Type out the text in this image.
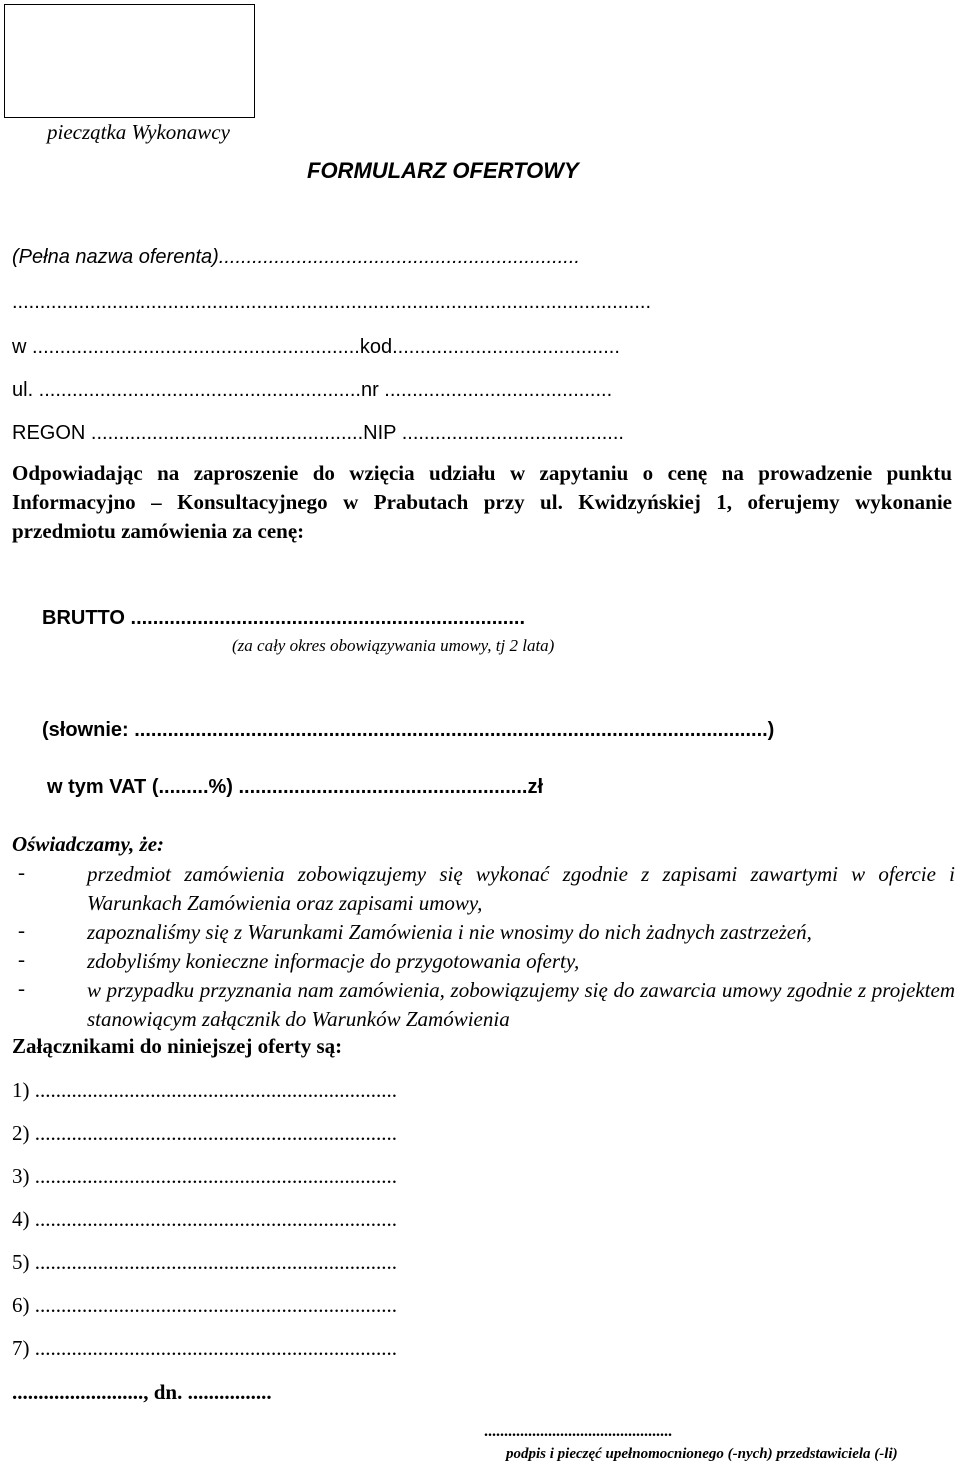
pieczątka Wykonawcy
FORMULARZ OFERTOWY
(Pełna nazwa oferenta).................................................................
...................................................................................................................
w ...........................................................kod.........................................
ul. ..........................................................nr .........................................
REGON .................................................NIP ........................................
Odpowiadając na zaproszenie do wzięcia udziału w zapytaniu o cenę na prowadzenie punktu Informacyjno – Konsultacyjnego w Prabutach przy ul. Kwidzyńskiej 1, oferujemy wykonanie przedmiotu zamówienia za cenę:
BRUTTO .......................................................................
(za cały okres obowiązywania umowy, tj 2 lata)
(słownie: ..................................................................................................................)
w tym VAT (.........%) ....................................................zł
Oświadczamy, że:
-	przedmiot zamówienia zobowiązujemy się wykonać zgodnie z zapisami zawartymi w ofercie i Warunkach Zamówienia oraz zapisami umowy,
-	zapoznaliśmy się z Warunkami Zamówienia i nie wnosimy do nich żadnych zastrzeżeń,
-	zdobyliśmy konieczne informacje do przygotowania oferty,
-	w przypadku przyznania nam zamówienia, zobowiązujemy się do zawarcia umowy zgodnie z projektem stanowiącym załącznik do Warunków Zamówienia
Załącznikami do niniejszej oferty są:
1) .....................................................................
2) .....................................................................
3) .....................................................................
4) .....................................................................
5) .....................................................................
6) .....................................................................
7) .....................................................................
........................., dn. ................
...............................................
podpis i pieczęć upełnomocnionego (-nych) przedstawiciela (-li)
